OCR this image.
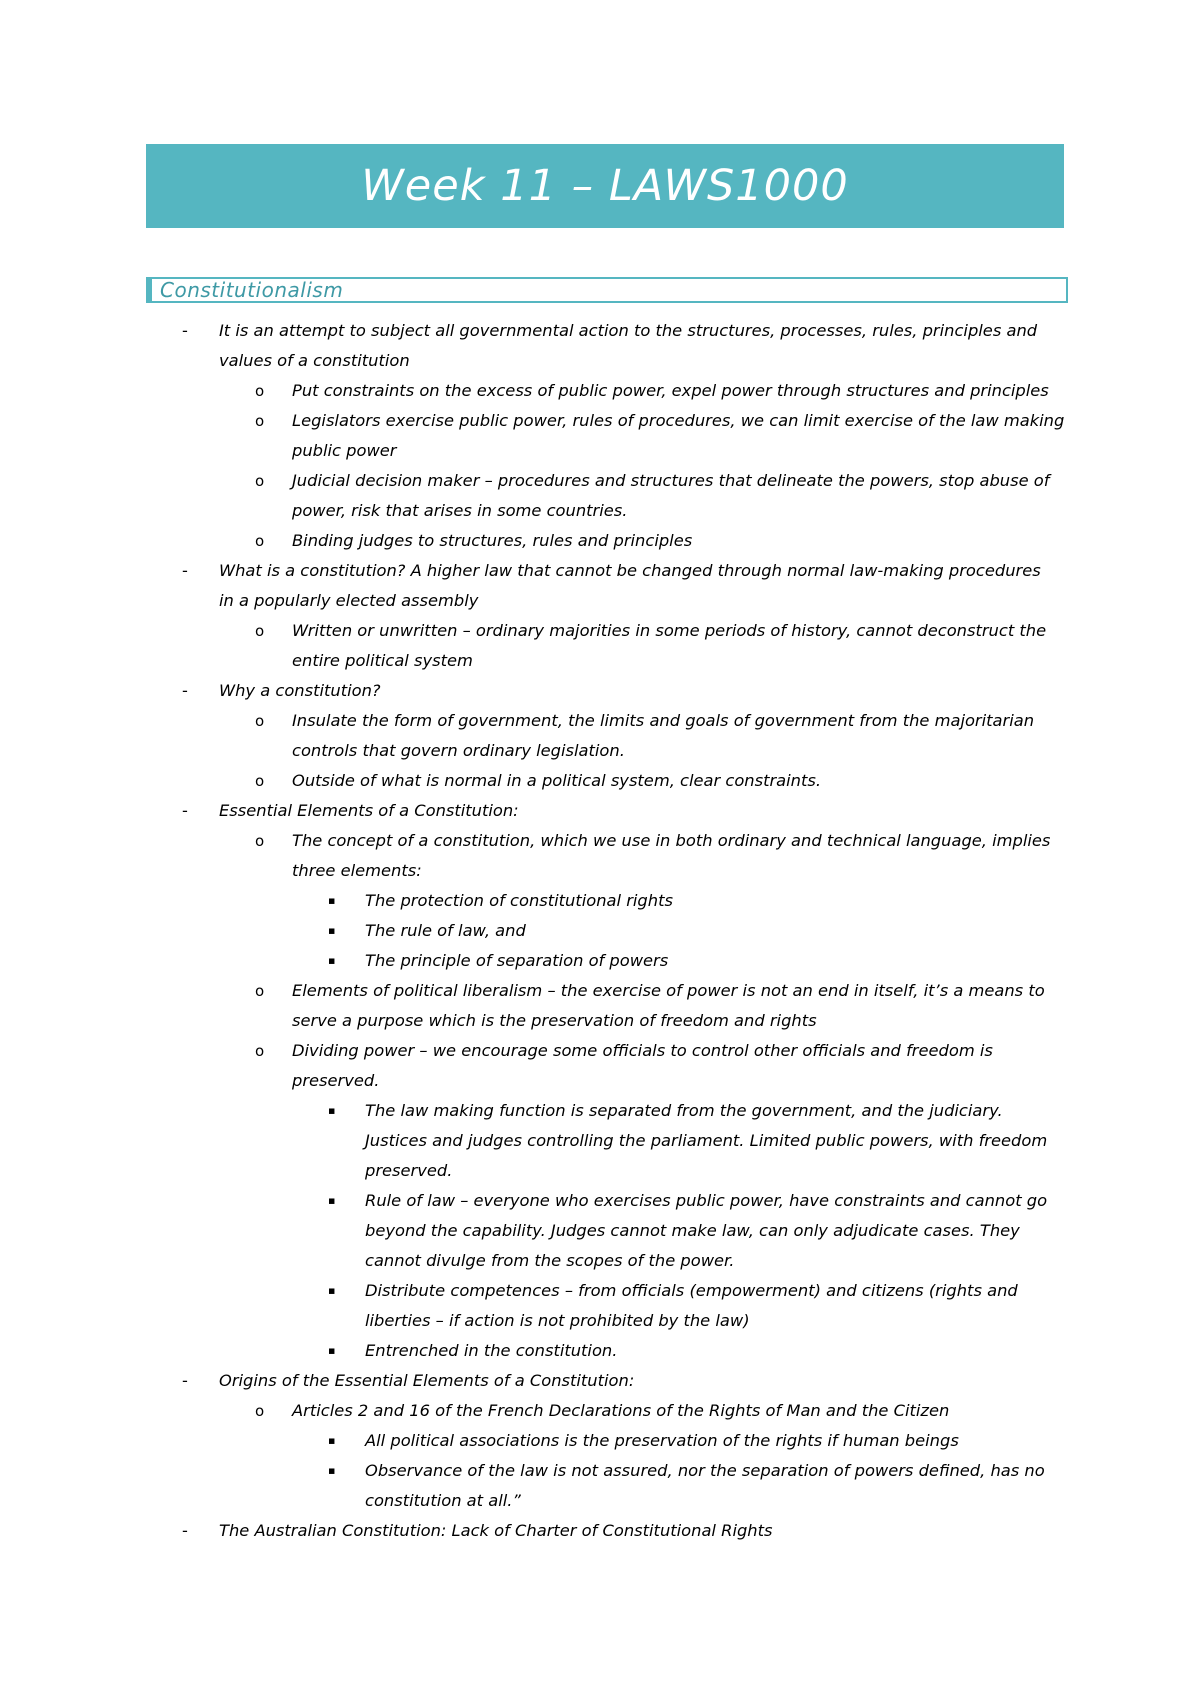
Week 11 – LAWS1000
Constitutionalism
- It is an attempt to subject all governmental action to the structures, processes, rules, principles and
values of a constitution
o Put constraints on the excess of public power, expel power through structures and principles
o Legislators exercise public power, rules of procedures, we can limit exercise of the law making
public power
o Judicial decision maker – procedures and structures that delineate the powers, stop abuse of
power, risk that arises in some countries.
o Binding judges to structures, rules and principles
- What is a constitution? A higher law that cannot be changed through normal law-making procedures
in a popularly elected assembly
o Written or unwritten – ordinary majorities in some periods of history, cannot deconstruct the
entire political system
- Why a constitution?
o Insulate the form of government, the limits and goals of government from the majoritarian
controls that govern ordinary legislation.
o Outside of what is normal in a political system, clear constraints.
- Essential Elements of a Constitution:
o The concept of a constitution, which we use in both ordinary and technical language, implies
three elements:
▪ The protection of constitutional rights
▪ The rule of law, and
▪ The principle of separation of powers
o Elements of political liberalism – the exercise of power is not an end in itself, it’s a means to
serve a purpose which is the preservation of freedom and rights
o Dividing power – we encourage some officials to control other officials and freedom is
preserved.
▪ The law making function is separated from the government, and the judiciary.
Justices and judges controlling the parliament. Limited public powers, with freedom
preserved.
▪ Rule of law – everyone who exercises public power, have constraints and cannot go
beyond the capability. Judges cannot make law, can only adjudicate cases. They
cannot divulge from the scopes of the power.
▪ Distribute competences – from officials (empowerment) and citizens (rights and
liberties – if action is not prohibited by the law)
▪ Entrenched in the constitution.
- Origins of the Essential Elements of a Constitution:
o Articles 2 and 16 of the French Declarations of the Rights of Man and the Citizen
▪ All political associations is the preservation of the rights if human beings
▪ Observance of the law is not assured, nor the separation of powers defined, has no
constitution at all.”
- The Australian Constitution: Lack of Charter of Constitutional Rights
